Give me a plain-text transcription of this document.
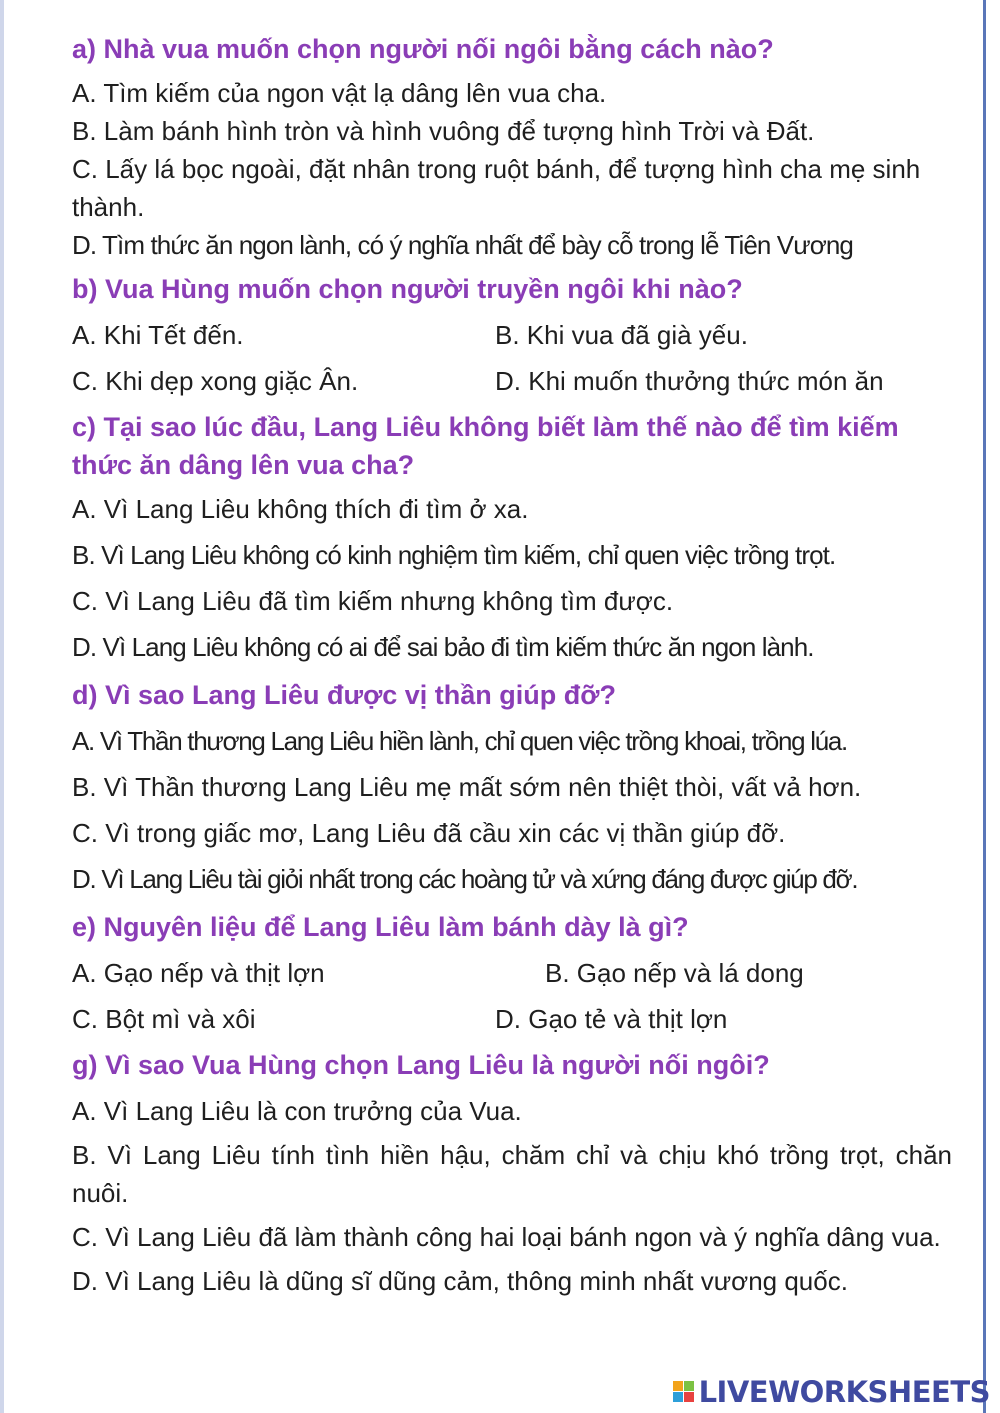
a) Nhà vua muốn chọn người nối ngôi bằng cách nào?

A. Tìm kiếm của ngon vật lạ dâng lên vua cha.

B. Làm bánh hình tròn và hình vuông để tượng hình Trời và Đất.

C. Lấy lá bọc ngoài, đặt nhân trong ruột bánh, để tượng hình cha mẹ sinh thành.

D. Tìm thức ăn ngon lành, có ý nghĩa nhất để bày cỗ trong lễ Tiên Vương

b) Vua Hùng muốn chọn người truyền ngôi khi nào?

A. Khi Tết đến.	B. Khi vua đã già yếu.

C. Khi dẹp xong giặc Ân.	D. Khi muốn thưởng thức món ăn

c) Tại sao lúc đầu, Lang Liêu không biết làm thế nào để tìm kiếm thức ăn dâng lên vua cha?

A. Vì Lang Liêu không thích đi tìm ở xa.

B. Vì Lang Liêu không có kinh nghiệm tìm kiếm, chỉ quen việc trồng trọt.

C. Vì Lang Liêu đã tìm kiếm nhưng không tìm được.

D. Vì Lang Liêu không có ai để sai bảo đi tìm kiếm thức ăn ngon lành.

d) Vì sao Lang Liêu được vị thần giúp đỡ?

A. Vì Thần thương Lang Liêu hiền lành, chỉ quen việc trồng khoai, trồng lúa.

B. Vì Thần thương Lang Liêu mẹ mất sớm nên thiệt thòi, vất vả hơn.

C. Vì trong giấc mơ, Lang Liêu đã cầu xin các vị thần giúp đỡ.

D. Vì Lang Liêu tài giỏi nhất trong các hoàng tử và xứng đáng được giúp đỡ.

e) Nguyên liệu để Lang Liêu làm bánh dày là gì?

A. Gạo nếp và thịt lợn	B. Gạo nếp và lá dong

C. Bột mì và xôi	D. Gạo tẻ và thịt lợn

g) Vì sao Vua Hùng chọn Lang Liêu là người nối ngôi?

A. Vì Lang Liêu là con trưởng của Vua.

B. Vì Lang Liêu tính tình hiền hậu, chăm chỉ và chịu khó trồng trọt, chăn nuôi.

C. Vì Lang Liêu đã làm thành công hai loại bánh ngon và ý nghĩa dâng vua.

D. Vì Lang Liêu là dũng sĩ dũng cảm, thông minh nhất vương quốc.

LIVEWORKSHEETS
